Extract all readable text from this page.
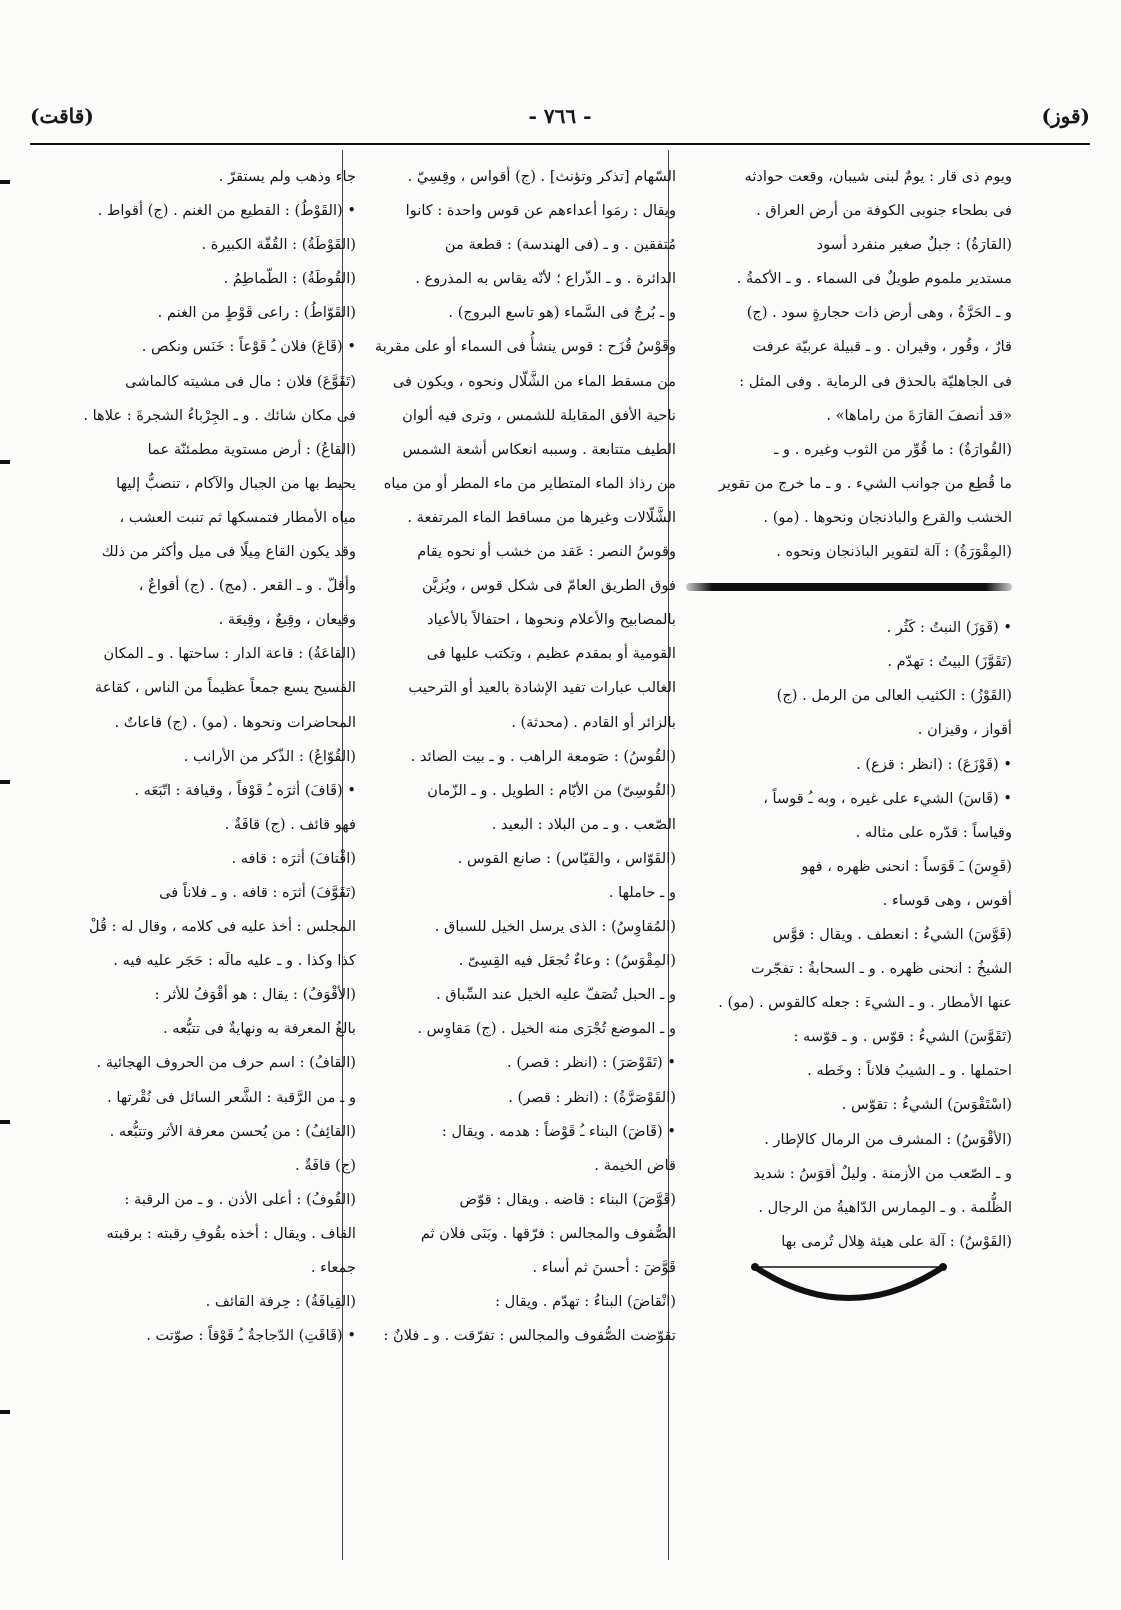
(قوز)
- ٧٦٦ -
(قاقت)
ويوم ذى قار : يومٌ لبنى شيبان، وقعت حوادثه
فى بطحاء جنوبى الكوفة من أرض العراق .
(القارَةُ) : جبلٌ صغير منفرد أسود
مستدير ملموم طويلٌ فى السماء . و ـ الأكمةُ .
و ـ الحَرَّةُ ، وهى أرض ذات حجارةٍ سود . (ج)
قارٌ ، وقُور ، وقيران . و ـ قبيلة عربيّة عرفت
فى الجاهليّة بالحذق فى الرماية . وفى المثل :
«قد أنصفَ القارَةَ من راماها» .
(القُوارَةُ) : ما قُوِّر من الثوب وغيره . و ـ
ما قُطِع من جوانب الشيء . و ـ ما خرج من تقوير
الخشب والقرع والباذنجان ونحوها . (مو) .
(المِقْوَرَةُ) : آلة لتقوير الباذنجان ونحوه .
• (قَوَزَ) النبتُ : كَثُر .
(تَقَوَّزَ) البيتُ : تهدّم .
(القَوْزُ) : الكثيب العالى من الرمل . (ج)
أقواز ، وقيزان .
• (قَوْزَعَ) : (انظر : قزع) .
• (قَاسَ) الشيء على غيره ، وبه ـُ قوساً ،
وقياساً : قدّره على مثاله .
(قَوِسَ) ـَ قَوَساً : انحنى ظهره ، فهو
أقوس ، وهى قوساء .
(قَوَّسَ) الشيءُ : انعطف . ويقال : قوَّس
الشيخُ : انحنى ظهره . و ـ السحابةُ : تفجّرت
عنها الأمطار . و ـ الشيءَ : جعله كالقوس . (مو) .
(تَقَوَّسَ) الشيءُ : قوّس . و ـ قوّسه :
احتملها . و ـ الشيبُ فلاناً : وخَطه .
(اسْتَقْوَسَ) الشيءُ : تقوّس .
(الأقْوَسُ) : المشرف من الرمال كالإطار .
و ـ الصّعب من الأزمنة . وليلٌ أقوَسُ : شديد
الظُّلمة . و ـ المِمارس الدّاهيةُ من الرجال .
(القَوْسُ) : آلة على هيئة هِلال تُرمى بها
السّهام [تذكر وتؤنث] . (ج) أقواس ، وقِسِيّ .
ويقال : رمَوا أعداءهم عن قوس واحدة : كانوا
مُتفقين . و ـ (فى الهندسة) : قطعة من
الدائرة . و ـ الذّراع ؛ لأنّه يقاس به المذروع .
و ـ بُرجٌ فى السَّماء (هو تاسع البروج) .
وقَوْسُ قُزَح : قوس ينشأُ فى السماء أو على مقربة
من مسقط الماء من الشَّلّال ونحوه ، ويكون فى
ناحية الأفق المقابلة للشمس ، وترى فيه ألوان
الطيف متتابعة . وسببه انعكاس أشعة الشمس
من رذاذ الماء المتطاير من ماء المطر أو من مياه
الشَّلّالات وغيرها من مساقط الماء المرتفعة .
وقوسُ النصر : عَقد من خشب أو نحوه يقام
فوق الطريق العامّ فى شكل قوس ، ويُزيَّن
بالمصابيح والأعلام ونحوها ، احتفالاً بالأعياد
القومية أو بمقدم عظيم ، وتكتب عليها فى
الغالب عبارات تفيد الإشادة بالعيد أو الترحيب
بالزائر أو القادم . (محدثة) .
(القُوسُ) : صَومعة الراهب . و ـ بيت الصائد .
(القُوسِىّ) من الأيّام : الطويل . و ـ الزّمان
الصّعب . و ـ من البلاد : البعيد .
(القَوّاس ، والقَيّاس) : صانع القوس .
و ـ حاملها .
(المُقاوِسُ) : الذى يرسل الخيل للسباق .
(المِقْوَسُ) : وعاءٌ تُجعَل فيه القِسِىّ .
و ـ الحبل تُصَفّ عليه الخيل عند السِّباق .
و ـ الموضع تُجْرَى منه الخيل . (ج) مَقاوِس .
• (تَقَوْصَرَ) : (انظر : قصر) .
(القَوْصَرَّةُ) : (انظر : قصر) .
• (قَاضَ) البناء ـُ قَوْضاً : هدمه . ويقال :
قاض الخيمة .
(قَوَّضَ) البناء : قاضه . ويقال : قوّض
الصُّفوف والمجالس : فرّقها . وبَنَى فلان ثم
قَوَّضَ : أحسنَ ثم أساء .
(انْقاضَ) البناءُ : تهدّم . ويقال :
تقوّضت الصُّفوف والمجالس : تفرّقت . و ـ فلانٌ :
جاء وذهب ولم يستقرّ .
• (القَوْطُ) : القطيع من الغنم . (ج) أقواط .
(القَوْطَةُ) : القُفّة الكبيرة .
(القُوطَةُ) : الطّماطِمُ .
(القَوّاطُ) : راعى قَوْطٍ من الغنم .
• (قَاعَ) فلان ـُ قَوْعاً : خَنَس ونكص .
(تَقَوَّعَ) فلان : مال فى مشيته كالماشى
فى مكان شائك . و ـ الجِرْباءُ الشجرةَ : علاها .
(القاعُ) : أرض مستوية مطمئنّة عما
يحيط بها من الجبال والآكام ، تنصبُّ إليها
مياه الأمطار فتمسكها ثم تنبت العشب ،
وقد يكون القاع مِيلًا فى ميل وأكثر من ذلك
وأقلّ . و ـ القعر . (مج) . (ج) أقواعٌ ،
وقيعان ، وقِيعٌ ، وقِيعَة .
(القاعَةُ) : قاعة الدار : ساحتها . و ـ المكان
الفسيح يسع جمعاً عظيماً من الناس ، كقاعة
المحاضرات ونحوها . (مو) . (ج) قاعاتٌ .
(القُوّاعُ) : الذّكر من الأرانب .
• (قَافَ) أثرَه ـُ قَوْفاً ، وقيافة : اتّبَعَه .
فهو قائف . (ج) قافَةٌ .
(اقْتافَ) أثرَه : قافه .
(تَقَوَّفَ) أثرَه : قافه . و ـ فلاناً فى
المجلس : أخذ عليه فى كلامه ، وقال له : قُلْ
كذا وكذا . و ـ عليه مالَه : حَجَر عليه فيه .
(الأقْوَفُ) : يقال : هو أقْوَفُ للأثر :
بالغُ المعرفة به ونهايةٌ فى تتبُّعه .
(القافُ) : اسم حرف من الحروف الهجائية .
و ـ من الرَّقبة : الشَّعر السائل فى نُقْرتها .
(القائِفُ) : من يُحسن معرفة الأثر وتتبُّعه .
(ج) قافَةٌ .
(القُوفُ) : أعلى الأذن . و ـ من الرقبة :
القاف . ويقال : أخذه بقُوفِ رقبته : برقبته
جمعاء .
(القِيافَةُ) : حِرفة القائف .
• (قَاقَتِ) الدّجاجةُ ـُ قَوْقاً : صوّتت .
